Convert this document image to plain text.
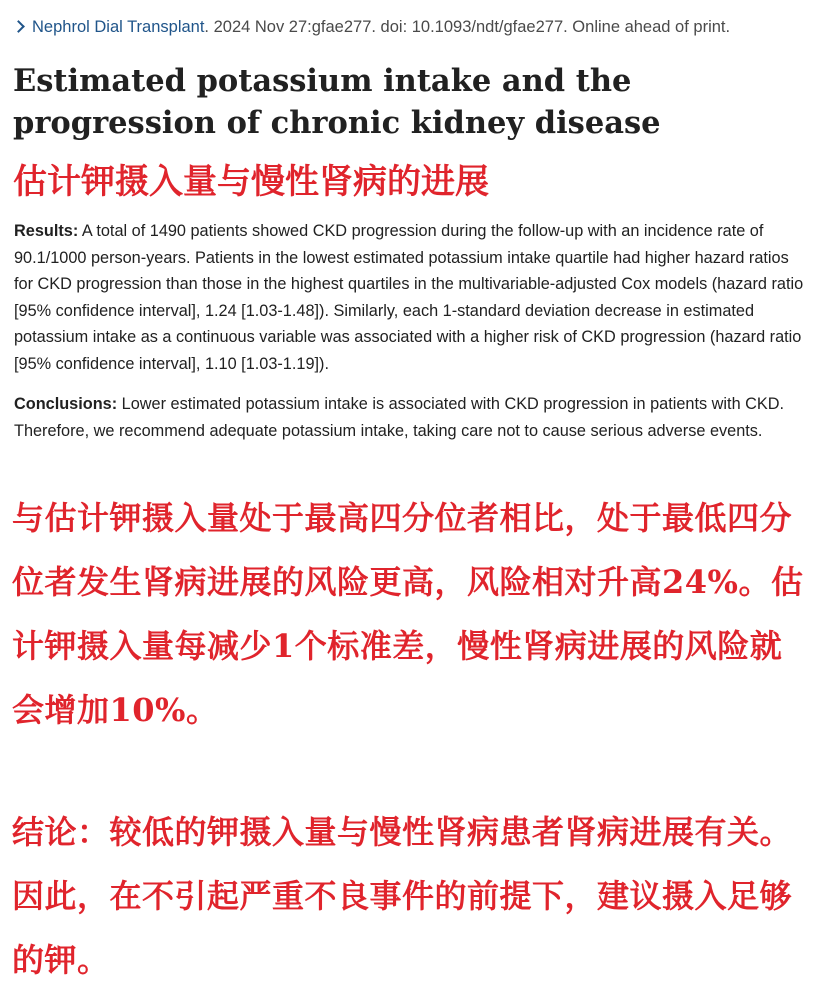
Nephrol Dial Transplant. 2024 Nov 27:gfae277. doi: 10.1093/ndt/gfae277. Online ahead of print.
Estimated potassium intake and the progression of chronic kidney disease
估计钾摄入量与慢性肾病的进展
Results: A total of 1490 patients showed CKD progression during the follow-up with an incidence rate of 90.1/1000 person-years. Patients in the lowest estimated potassium intake quartile had higher hazard ratios for CKD progression than those in the highest quartiles in the multivariable-adjusted Cox models (hazard ratio [95% confidence interval], 1.24 [1.03-1.48]). Similarly, each 1-standard deviation decrease in estimated potassium intake as a continuous variable was associated with a higher risk of CKD progression (hazard ratio [95% confidence interval], 1.10 [1.03-1.19]).
Conclusions: Lower estimated potassium intake is associated with CKD progression in patients with CKD. Therefore, we recommend adequate potassium intake, taking care not to cause serious adverse events.
与估计钾摄入量处于最高四分位者相比，处于最低四分位者发生肾病进展的风险更高，风险相对升高24%。估计钾摄入量每减少1个标准差，慢性肾病进展的风险就会增加10%。
结论：较低的钾摄入量与慢性肾病患者肾病进展有关。因此，在不引起严重不良事件的前提下，建议摄入足够的钾。
